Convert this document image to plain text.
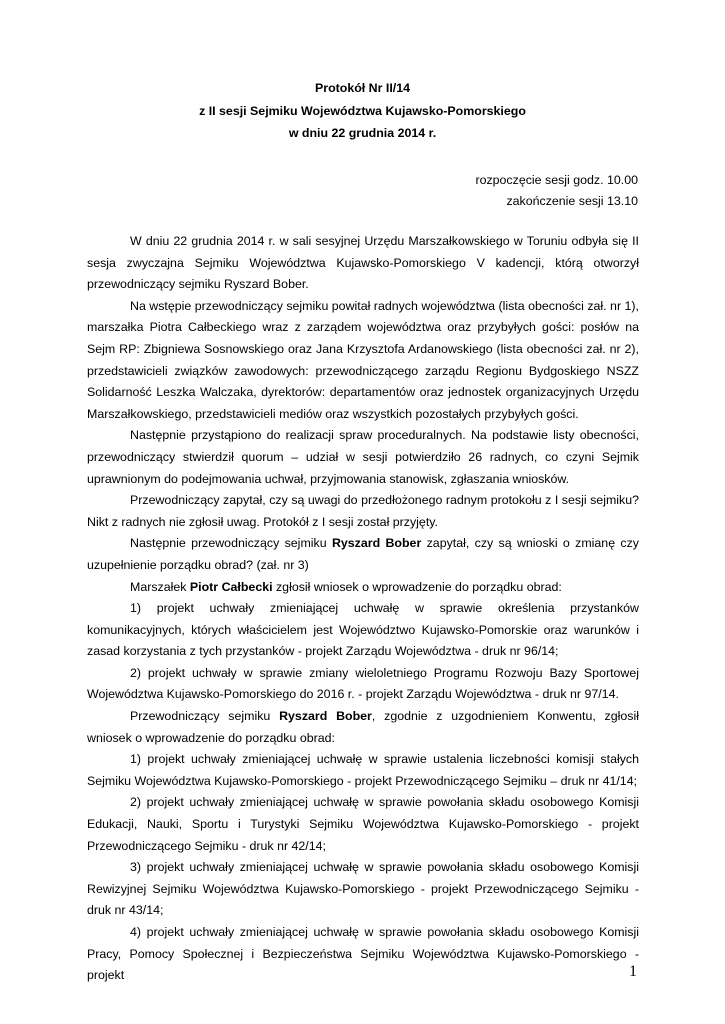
Protokół Nr II/14
z II sesji Sejmiku Województwa Kujawsko-Pomorskiego
w dniu 22 grudnia 2014 r.
rozpoczęcie sesji godz. 10.00
zakończenie sesji 13.10

W dniu 22 grudnia 2014 r. w sali sesyjnej Urzędu Marszałkowskiego w Toruniu odbyła się II sesja zwyczajna Sejmiku Województwa Kujawsko-Pomorskiego V kadencji, którą otworzył przewodniczący sejmiku Ryszard Bober.

Na wstępie przewodniczący sejmiku powitał radnych województwa (lista obecności zał. nr 1), marszałka Piotra Całbeckiego wraz z zarządem województwa oraz przybyłych gości: posłów na Sejm RP: Zbigniewa Sosnowskiego oraz Jana Krzysztofa Ardanowskiego (lista obecności zał. nr 2), przedstawicieli związków zawodowych: przewodniczącego zarządu Regionu Bydgoskiego NSZZ Solidarność Leszka Walczaka, dyrektorów: departamentów oraz jednostek organizacyjnych Urzędu Marszałkowskiego, przedstawicieli mediów oraz wszystkich pozostałych przybyłych gości.

Następnie przystąpiono do realizacji spraw proceduralnych. Na podstawie listy obecności, przewodniczący stwierdził quorum – udział w sesji potwierdziło 26 radnych, co czyni Sejmik uprawnionym do podejmowania uchwał, przyjmowania stanowisk, zgłaszania wniosków.

Przewodniczący zapytał, czy są uwagi do przedłożonego radnym protokołu z I sesji sejmiku? Nikt z radnych nie zgłosił uwag. Protokół z I sesji został przyjęty.

Następnie przewodniczący sejmiku Ryszard Bober zapytał, czy są wnioski o zmianę czy uzupełnienie porządku obrad? (zał. nr 3)

Marszałek Piotr Całbecki zgłosił wniosek o wprowadzenie do porządku obrad:

1) projekt uchwały zmieniającej uchwałę w sprawie określenia przystanków komunikacyjnych, których właścicielem jest Województwo Kujawsko-Pomorskie oraz warunków i zasad korzystania z tych przystanków - projekt Zarządu Województwa - druk nr 96/14;

2) projekt uchwały w sprawie zmiany wieloletniego Programu Rozwoju Bazy Sportowej Województwa Kujawsko-Pomorskiego do 2016 r. - projekt Zarządu Województwa - druk nr 97/14.

Przewodniczący sejmiku Ryszard Bober, zgodnie z uzgodnieniem Konwentu, zgłosił wniosek o wprowadzenie do porządku obrad:

1) projekt uchwały zmieniającej uchwałę w sprawie ustalenia liczebności komisji stałych Sejmiku Województwa Kujawsko-Pomorskiego - projekt Przewodniczącego Sejmiku – druk nr 41/14;

2) projekt uchwały zmieniającej uchwałę w sprawie powołania składu osobowego Komisji Edukacji, Nauki, Sportu i Turystyki Sejmiku Województwa Kujawsko-Pomorskiego - projekt Przewodniczącego Sejmiku - druk nr 42/14;

3) projekt uchwały zmieniającej uchwałę w sprawie powołania składu osobowego Komisji Rewizyjnej Sejmiku Województwa Kujawsko-Pomorskiego - projekt Przewodniczącego Sejmiku - druk nr 43/14;

4) projekt uchwały zmieniającej uchwałę w sprawie powołania składu osobowego Komisji Pracy, Pomocy Społecznej i Bezpieczeństwa Sejmiku Województwa Kujawsko-Pomorskiego - projekt	1
